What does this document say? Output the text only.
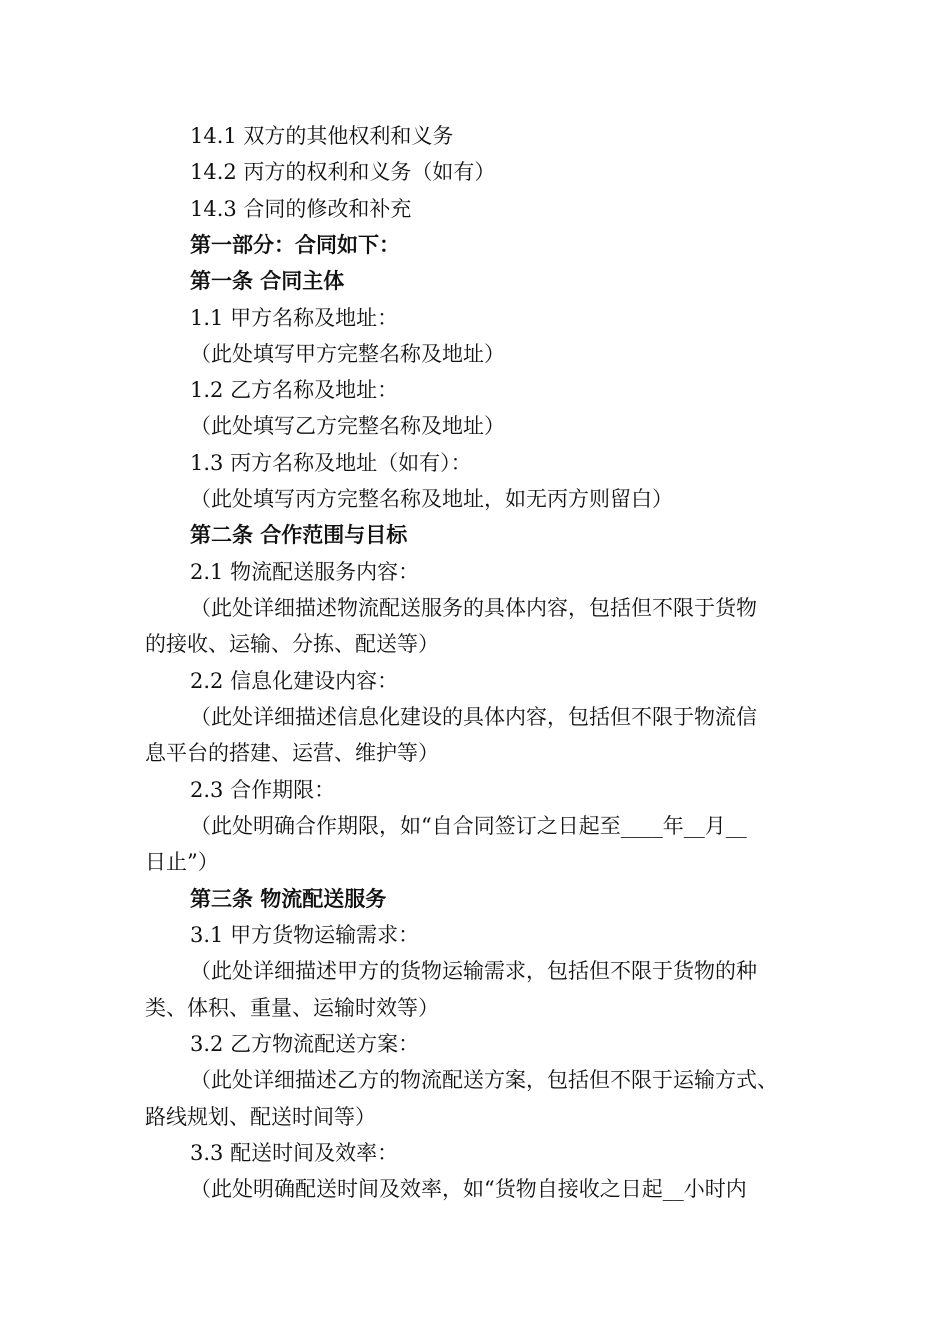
14.1 双方的其他权利和义务
14.2 丙方的权利和义务（如有）
14.3 合同的修改和补充
第一部分：合同如下：
第一条 合同主体
1.1 甲方名称及地址：
（此处填写甲方完整名称及地址）
1.2 乙方名称及地址：
（此处填写乙方完整名称及地址）
1.3 丙方名称及地址（如有）：
（此处填写丙方完整名称及地址，如无丙方则留白）
第二条 合作范围与目标
2.1 物流配送服务内容：
（此处详细描述物流配送服务的具体内容，包括但不限于货物
的接收、运输、分拣、配送等）
2.2 信息化建设内容：
（此处详细描述信息化建设的具体内容，包括但不限于物流信
息平台的搭建、运营、维护等）
2.3 合作期限：
（此处明确合作期限，如“自合同签订之日起至____年__月__
日止”）
第三条 物流配送服务
3.1 甲方货物运输需求：
（此处详细描述甲方的货物运输需求，包括但不限于货物的种
类、体积、重量、运输时效等）
3.2 乙方物流配送方案：
（此处详细描述乙方的物流配送方案，包括但不限于运输方式、
路线规划、配送时间等）
3.3 配送时间及效率：
（此处明确配送时间及效率，如“货物自接收之日起__小时内
